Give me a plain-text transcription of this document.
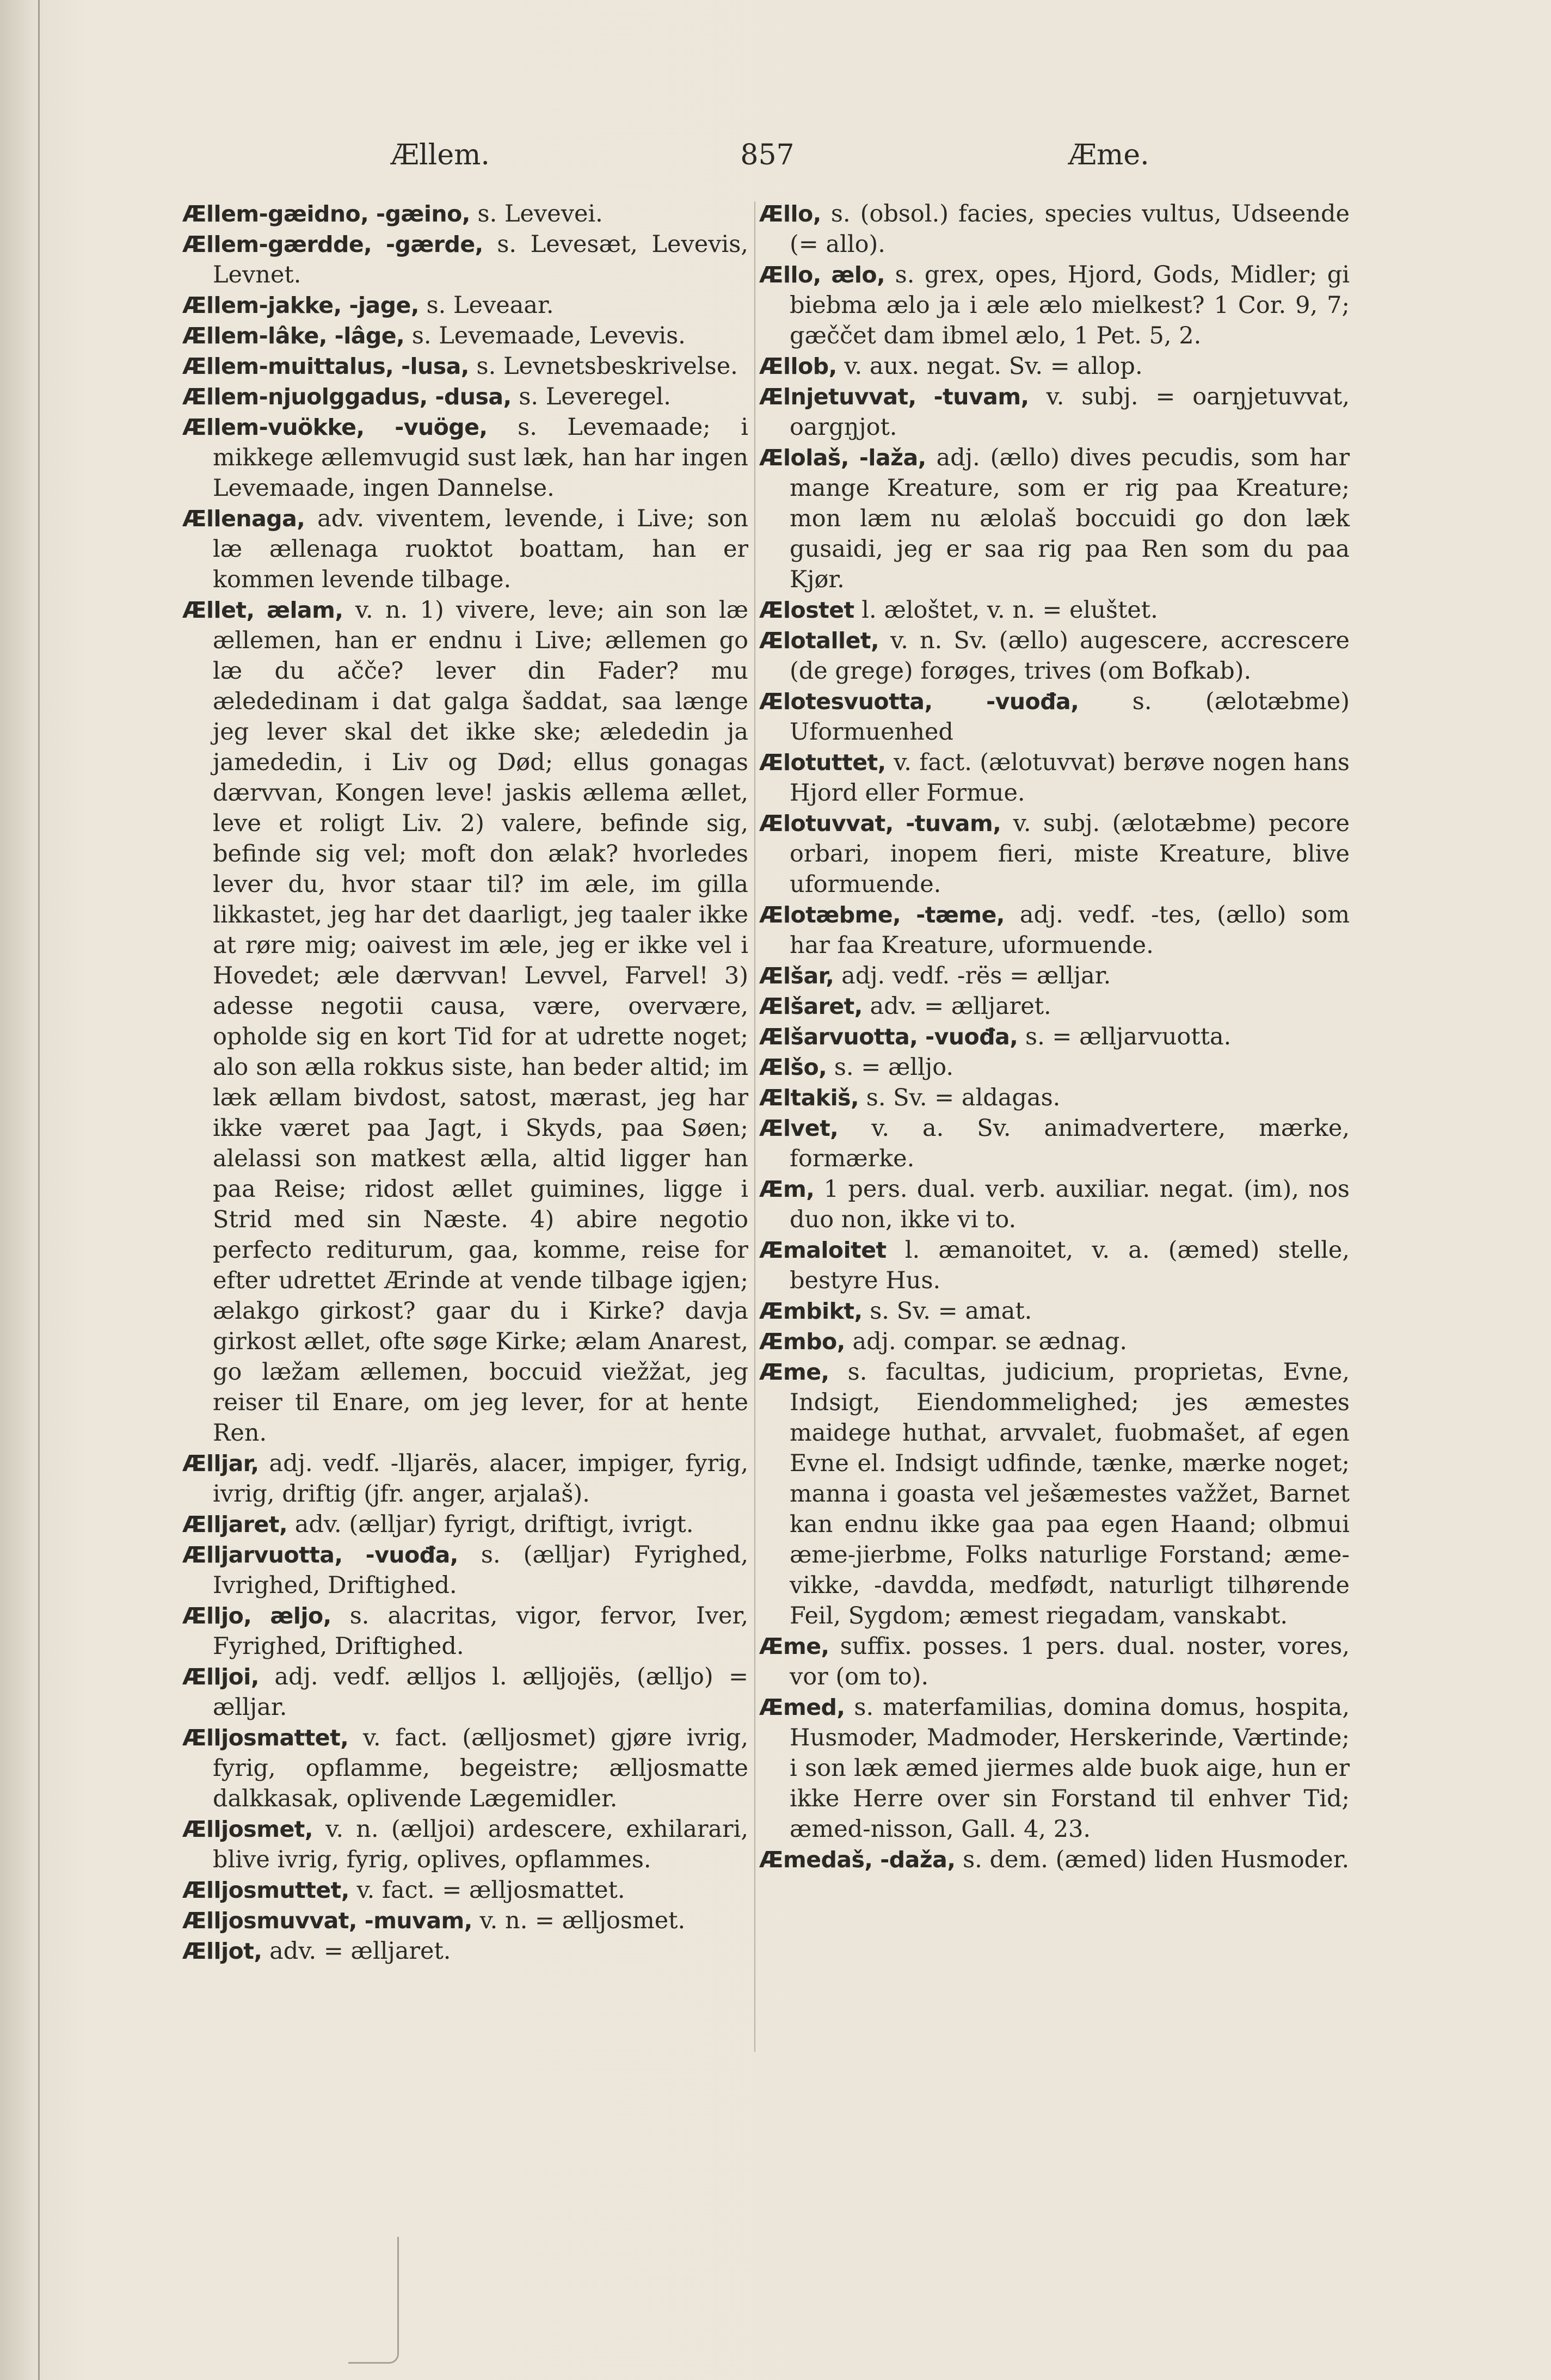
Ællem.	857	Æme.
Ællem-gæidno, -gæino, s. Levevei.
Ællem-gærdde, -gærde, s. Levesæt, Levevis, Levnet.
Ællem-jakke, -jage, s. Leveaar.
Ællem-lâke, -lâge, s. Levemaade, Levevis.
Ællem-muittalus, -lusa, s. Levnetsbeskrivelse.
Ællem-njuolggadus, -dusa, s. Leveregel.
Ællem-vuökke, -vuöge, s. Levemaade; i mikkege ællemvugid sust læk, han har ingen Levemaade, ingen Dannelse.
Ællenaga, adv. viventem, levende, i Live; son læ ællenaga ruoktot boattam, han er kommen levende tilbage.
Ællet, ælam, v. n. 1) vivere, leve; ain son læ ællemen, han er endnu i Live; ællemen go læ du ačče? lever din Fader? mu æledеdinam i dat galga šaddat, saa længe jeg lever skal det ikke ske; ælededin ja jamededin, i Liv og Død; ellus gonagas dærvvan, Kongen leve! jaskis ællema ællet, leve et roligt Liv. 2) valere, befinde sig, befinde sig vel; moft don ælak? hvorledes lever du, hvor staar til? im æle, im gilla likkastet, jeg har det daarligt, jeg taaler ikke at røre mig; oaivest im æle, jeg er ikke vel i Hovedet; æle dærvvan! Levvel, Farvel! 3) adesse negotii causa, være, overvære, opholde sig en kort Tid for at udrette noget; alo son ælla rokkus siste, han beder altid; im læk ællam bivdost, satost, mærast, jeg har ikke været paa Jagt, i Skyds, paa Søen; alelassi son matkest ælla, altid ligger han paa Reise; ridost ællet guimines, ligge i Strid med sin Næste. 4) abire negotio perfecto rediturum, gaa, komme, reise for efter udrettet Ærinde at vende tilbage igjen; ælakgo girkost? gaar du i Kirke? davja girkost ællet, ofte søge Kirke; ælam Anarest, go læžam ællemen, boccuid viežžat, jeg reiser til Enare, om jeg lever, for at hente Ren.
Ælljar, adj. vedf. -lljarës, alacer, impiger, fyrig, ivrig, driftig (jfr. anger, arjalaš).
Ælljaret, adv. (ælljar) fyrigt, driftigt, ivrigt.
Ælljarvuotta, -vuođa, s. (ælljar) Fyrighed, Ivrighed, Driftighed.
Ællјo, æljo, s. alacritas, vigor, fervor, Iver, Fyrighed, Driftighed.
Ælljoi, adj. vedf. ælljos l. ælljojës, (ælljo) = ælljar.
Ælljosmattet, v. fact. (ælljosmet) gjøre ivrig, fyrig, opflamme, begeistre; ælljosmatte dalkkasak, oplivende Lægemidler.
Ælljosmet, v. n. (ælljoi) ardescere, exhilarari, blive ivrig, fyrig, oplives, opflammes.
Ælljosmuttet, v. fact. = ælljosmattet.
Ælljosmuvvat, -muvam, v. n. = ælljosmet.
Ælljot, adv. = ælljaret.
Ællo, s. (obsol.) facies, species vultus, Udseende (= allo).
Ællo, ælo, s. grex, opes, Hjord, Gods, Midler; gi biebma ælo ja i æle ælo mielkest? 1 Cor. 9, 7; gæččet dam ibmel ælo, 1 Pet. 5, 2.
Ællob, v. aux. negat. Sv. = allop.
Ælnjetuvvat, -tuvam, v. subj. = oarŋjetuvvat, oargŋjot.
Ælolaš, -laža, adj. (ællo) dives pecudis, som har mange Kreature, som er rig paa Kreature; mon læm nu ælolaš boccuidi go don læk gusaidi, jeg er saa rig paa Ren som du paa Kjør.
Ælostet l. æloštet, v. n. = eluštet.
Ælotallet, v. n. Sv. (ællo) augescere, accrescere (de grege) forøges, trives (om Bofkab).
Ælotesvuotta, -vuođa, s. (ælotæbme) Uformuenhed
Ælotuttet, v. fact. (ælotuvvat) berøve nogen hans Hjord eller Formue.
Ælotuvvat, -tuvam, v. subj. (ælotæbme) pecore orbari, inopem fieri, miste Kreature, blive uformuende.
Ælotæbme, -tæme, adj. vedf. -tes, (ællo) som har faa Kreature, uformuende.
Ælšar, adj. vedf. -rës = ælljar.
Ælšaret, adv. = ælljaret.
Ælšarvuotta, -vuođa, s. = ælljarvuotta.
Ælšo, s. = ælljo.
Æltakiš, s. Sv. = aldagas.
Ælvet, v. a. Sv. animadvertere, mærke, formærke.
Æm, 1 pers. dual. verb. auxiliar. negat. (im), nos duo non, ikke vi to.
Æmaloitet l. æmanoitet, v. a. (æmed) stelle, bestyre Hus.
Æmbikt, s. Sv. = amat.
Æmbo, adj. compar. se ædnag.
Æme, s. facultas, judicium, proprietas, Evne, Indsigt, Eiendommelighed; jes æmestes maidege huthat, arvvalet, fuobmašet, af egen Evne el. Indsigt udfinde, tænke, mærke noget; manna i goasta vel ješæmestes važžet, Barnet kan endnu ikke gaa paa egen Haand; olbmui æme-jierbme, Folks naturlige Forstand; æme-vikke, -davdda, medfødt, naturligt tilhørende Feil, Sygdom; æmest riegadam, vanskabt.
Æme, suffix. posses. 1 pers. dual. noster, vores, vor (om to).
Æmed, s. materfamilias, domina domus, hospita, Husmoder, Madmoder, Herskerinde, Værtinde; i son læk æmed jiermes alde buok aige, hun er ikke Herre over sin Forstand til enhver Tid; æmed-nisson, Gall. 4, 23.
Æmedaš, -daža, s. dem. (æmed) liden Husmoder.
